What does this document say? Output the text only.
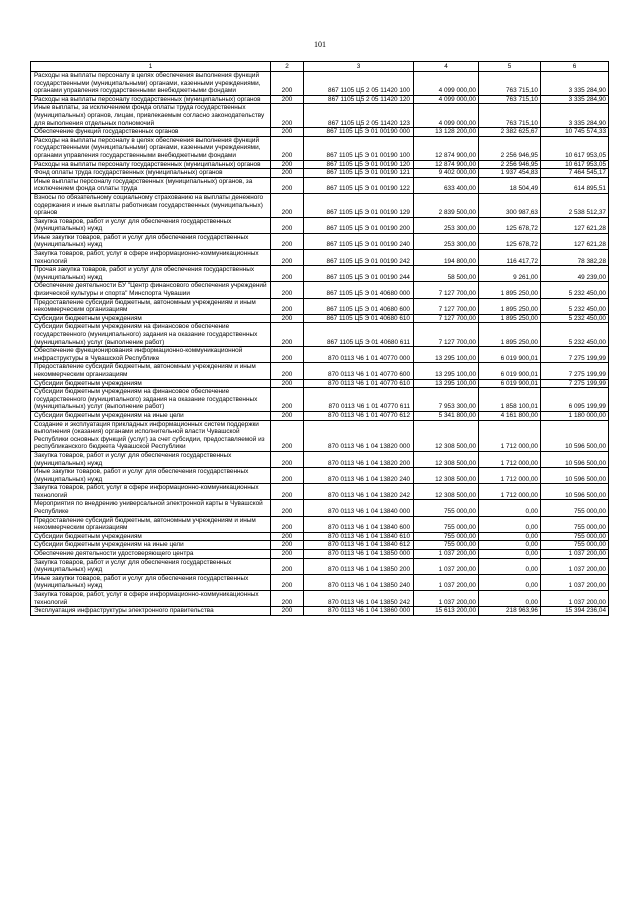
101
1	2	3	4	5	6
Расходы на выплаты персоналу в целях обеспечения выполнения функций государственными (муниципальными) органами, казенными учреждениями, органами управления государственными внебюджетными фондами	200	867 1105 Ц5 2 05 11420 100	4 099 000,00	763 715,10	3 335 284,90
Расходы на выплаты персоналу государственных (муниципальных) органов	200	867 1105 Ц5 2 05 11420 120	4 099 000,00	763 715,10	3 335 284,90
Иные выплаты, за исключением фонда оплаты труда государственных (муниципальных) органов, лицам, привлекаемым согласно законодательству для выполнения отдельных полномочий	200	867 1105 Ц5 2 05 11420 123	4 099 000,00	763 715,10	3 335 284,90
Обеспечение функций государственных органов	200	867 1105 Ц5 Э 01 00190 000	13 128 200,00	2 382 625,67	10 745 574,33
Расходы на выплаты персоналу в целях обеспечения выполнения функций государственными (муниципальными) органами, казенными учреждениями, органами управления государственными внебюджетными фондами	200	867 1105 Ц5 Э 01 00190 100	12 874 900,00	2 256 946,95	10 617 953,05
Расходы на выплаты персоналу государственных (муниципальных) органов	200	867 1105 Ц5 Э 01 00190 120	12 874 900,00	2 256 946,95	10 617 953,05
Фонд оплаты труда государственных (муниципальных) органов	200	867 1105 Ц5 Э 01 00190 121	9 402 000,00	1 937 454,83	7 464 545,17
Иные выплаты персоналу государственных (муниципальных) органов, за исключением фонда оплаты труда	200	867 1105 Ц5 Э 01 00190 122	633 400,00	18 504,49	614 895,51
Взносы по обязательному социальному страхованию на выплаты денежного содержания и иные выплаты работникам государственных (муниципальных) органов	200	867 1105 Ц5 Э 01 00190 129	2 839 500,00	300 987,63	2 538 512,37
Закупка товаров, работ и услуг для обеспечения государственных (муниципальных) нужд	200	867 1105 Ц5 Э 01 00190 200	253 300,00	125 678,72	127 621,28
Иные закупки товаров, работ и услуг для обеспечения государственных (муниципальных) нужд	200	867 1105 Ц5 Э 01 00190 240	253 300,00	125 678,72	127 621,28
Закупка товаров, работ, услуг в сфере информационно-коммуникационных технологий	200	867 1105 Ц5 Э 01 00190 242	194 800,00	116 417,72	78 382,28
Прочая закупка товаров, работ и услуг для обеспечения государственных (муниципальных) нужд	200	867 1105 Ц5 Э 01 00190 244	58 500,00	9 261,00	49 239,00
Обеспечение деятельности БУ "Центр финансового обеспечения учреждений физической культуры и спорта" Минспорта Чувашии	200	867 1105 Ц5 Э 01 40680 000	7 127 700,00	1 895 250,00	5 232 450,00
Предоставление субсидий бюджетным, автономным учреждениям и иным некоммерческим организациям	200	867 1105 Ц5 Э 01 40680 600	7 127 700,00	1 895 250,00	5 232 450,00
Субсидии бюджетным учреждениям	200	867 1105 Ц5 Э 01 40680 610	7 127 700,00	1 895 250,00	5 232 450,00
Субсидии бюджетным учреждениям на финансовое обеспечение государственного (муниципального) задания на оказание государственных (муниципальных) услуг (выполнение работ)	200	867 1105 Ц5 Э 01 40680 611	7 127 700,00	1 895 250,00	5 232 450,00
Обеспечение функционирования информационно-коммуникационной инфраструктуры в Чувашской Республике	200	870 0113 Ч6 1 01 40770 000	13 295 100,00	6 019 900,01	7 275 199,99
Предоставление субсидий бюджетным, автономным учреждениям и иным некоммерческим организациям	200	870 0113 Ч6 1 01 40770 600	13 295 100,00	6 019 900,01	7 275 199,99
Субсидии бюджетным учреждениям	200	870 0113 Ч6 1 01 40770 610	13 295 100,00	6 019 900,01	7 275 199,99
Субсидии бюджетным учреждениям на финансовое обеспечение государственного (муниципального) задания на оказание государственных (муниципальных) услуг (выполнение работ)	200	870 0113 Ч6 1 01 40770 611	7 953 300,00	1 858 100,01	6 095 199,99
Субсидии бюджетным учреждениям на иные цели	200	870 0113 Ч6 1 01 40770 612	5 341 800,00	4 161 800,00	1 180 000,00
Создание и эксплуатация прикладных информационных систем поддержки выполнения (оказания) органами исполнительной власти Чувашской Республики основных функций (услуг) за счет субсидии, предоставляемой из республиканского бюджета Чувашской Республики	200	870 0113 Ч6 1 04 13820 000	12 308 500,00	1 712 000,00	10 596 500,00
Закупка товаров, работ и услуг для обеспечения государственных (муниципальных) нужд	200	870 0113 Ч6 1 04 13820 200	12 308 500,00	1 712 000,00	10 596 500,00
Иные закупки товаров, работ и услуг для обеспечения государственных (муниципальных) нужд	200	870 0113 Ч6 1 04 13820 240	12 308 500,00	1 712 000,00	10 596 500,00
Закупка товаров, работ, услуг в сфере информационно-коммуникационных технологий	200	870 0113 Ч6 1 04 13820 242	12 308 500,00	1 712 000,00	10 596 500,00
Мероприятия по внедрению универсальной электронной карты в Чувашской Республике	200	870 0113 Ч6 1 04 13840 000	755 000,00	0,00	755 000,00
Предоставление субсидий бюджетным, автономным учреждениям и иным некоммерческим организациям	200	870 0113 Ч6 1 04 13840 600	755 000,00	0,00	755 000,00
Субсидии бюджетным учреждениям	200	870 0113 Ч6 1 04 13840 610	755 000,00	0,00	755 000,00
Субсидии бюджетным учреждениям на иные цели	200	870 0113 Ч6 1 04 13840 612	755 000,00	0,00	755 000,00
Обеспечение деятельности удостоверяющего центра	200	870 0113 Ч6 1 04 13850 000	1 037 200,00	0,00	1 037 200,00
Закупка товаров, работ и услуг для обеспечения государственных (муниципальных) нужд	200	870 0113 Ч6 1 04 13850 200	1 037 200,00	0,00	1 037 200,00
Иные закупки товаров, работ и услуг для обеспечения государственных (муниципальных) нужд	200	870 0113 Ч6 1 04 13850 240	1 037 200,00	0,00	1 037 200,00
Закупка товаров, работ, услуг в сфере информационно-коммуникационных технологий	200	870 0113 Ч6 1 04 13850 242	1 037 200,00	0,00	1 037 200,00
Эксплуатация инфраструктуры электронного правительства	200	870 0113 Ч6 1 04 13860 000	15 613 200,00	218 963,96	15 394 236,04
